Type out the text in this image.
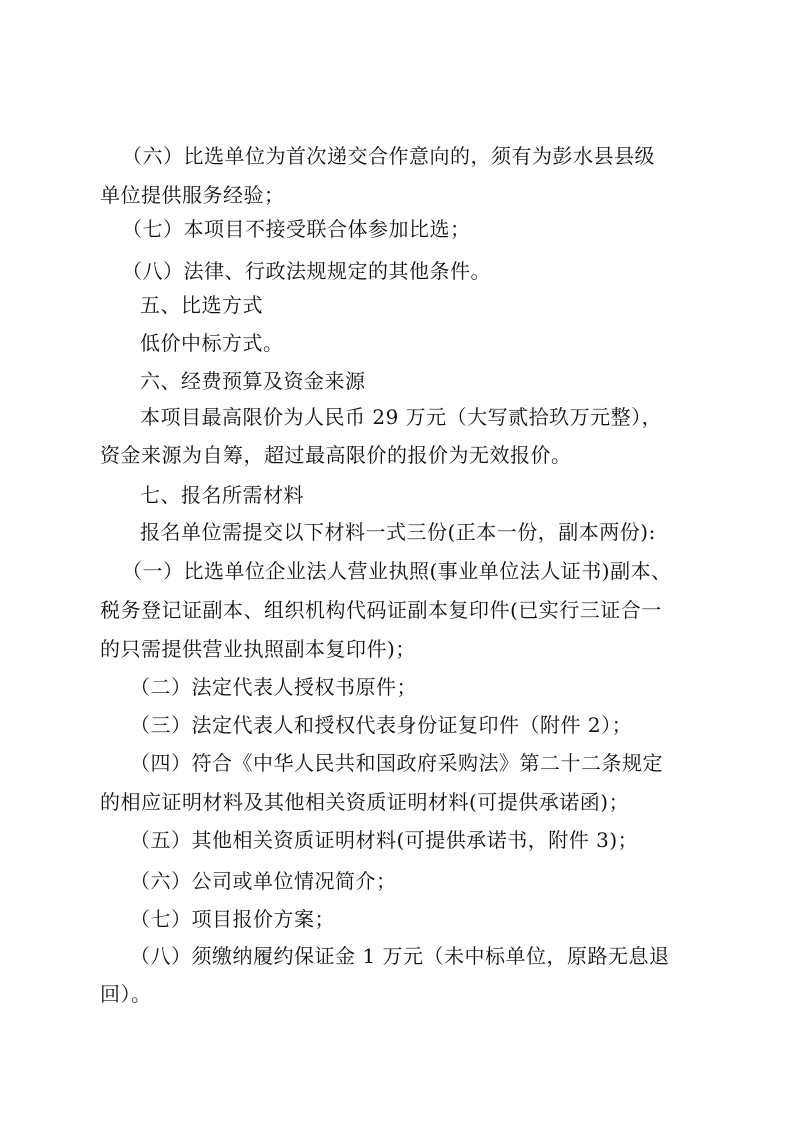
（六）比选单位为首次递交合作意向的，须有为彭水县县级
单位提供服务经验；
（七）本项目不接受联合体参加比选；
（八）法律、行政法规规定的其他条件。
五、比选方式
低价中标方式。
六、经费预算及资金来源
本项目最高限价为人民币 29 万元（大写贰拾玖万元整），
资金来源为自筹，超过最高限价的报价为无效报价。
七、报名所需材料
报名单位需提交以下材料一式三份(正本一份，副本两份):
（一）比选单位企业法人营业执照(事业单位法人证书)副本、
税务登记证副本、组织机构代码证副本复印件(已实行三证合一
的只需提供营业执照副本复印件)；
（二）法定代表人授权书原件；
（三）法定代表人和授权代表身份证复印件（附件 2）；
（四）符合《中华人民共和国政府采购法》第二十二条规定
的相应证明材料及其他相关资质证明材料(可提供承诺函)；
（五）其他相关资质证明材料(可提供承诺书，附件 3)；
（六）公司或单位情况简介；
（七）项目报价方案；
（八）须缴纳履约保证金 1 万元（未中标单位，原路无息退
回）。
